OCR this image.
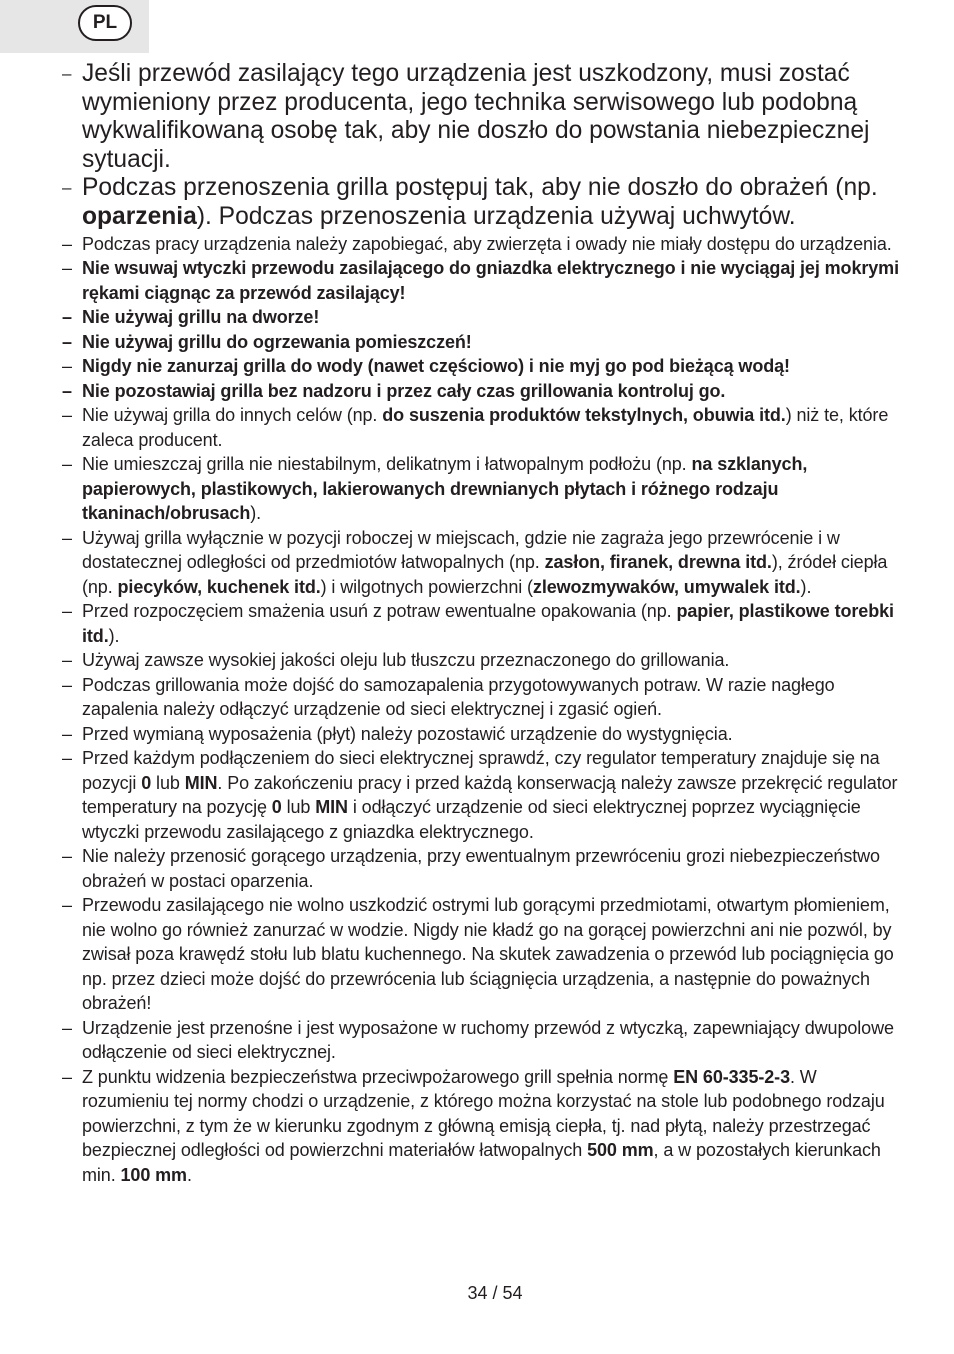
PL
– Jeśli przewód zasilający tego urządzenia jest uszkodzony, musi zostać wymieniony przez producenta, jego technika serwisowego lub podobną wykwalifikowaną osobę tak, aby nie doszło do powstania niebezpiecznej sytuacji.
– Podczas przenoszenia grilla postępuj tak, aby nie doszło do obrażeń (np. oparzenia). Podczas przenoszenia urządzenia używaj uchwytów.
– Podczas pracy urządzenia należy zapobiegać, aby zwierzęta i owady nie miały dostępu do urządzenia.
– Nie wsuwaj wtyczki przewodu zasilającego do gniazdka elektrycznego i nie wyciągaj jej mokrymi rękami ciągnąc za przewód zasilający!
– Nie używaj grillu na dworze!
– Nie używaj grillu do ogrzewania pomieszczeń!
– Nigdy nie zanurzaj grilla do wody (nawet częściowo) i nie myj go pod bieżącą wodą!
– Nie pozostawiaj grilla bez nadzoru i przez cały czas grillowania kontroluj go.
– Nie używaj grilla do innych celów (np. do suszenia produktów tekstylnych, obuwia itd.) niż te, które zaleca producent.
– Nie umieszczaj grilla nie niestabilnym, delikatnym i łatwopalnym podłożu (np. na szklanych, papierowych, plastikowych, lakierowanych drewnianych płytach i różnego rodzaju tkaninach/obrusach).
– Używaj grilla wyłącznie w pozycji roboczej w miejscach, gdzie nie zagraża jego przewrócenie i w dostatecznej odległości od przedmiotów łatwopalnych (np. zasłon, firanek, drewna itd.), źródeł ciepła (np. piecyków, kuchenek itd.) i wilgotnych powierzchni (zlewozmywaków, umywalek itd.).
– Przed rozpoczęciem smażenia usuń z potraw ewentualne opakowania (np. papier, plastikowe torebki itd.).
– Używaj zawsze wysokiej jakości oleju lub tłuszczu przeznaczonego do grillowania.
– Podczas grillowania może dojść do samozapalenia przygotowywanych potraw. W razie nagłego zapalenia należy odłączyć urządzenie od sieci elektrycznej i zgasić ogień.
– Przed wymianą wyposażenia (płyt) należy pozostawić urządzenie do wystygnięcia.
– Przed każdym podłączeniem do sieci elektrycznej sprawdź, czy regulator temperatury znajduje się na pozycji 0 lub MIN. Po zakończeniu pracy i przed każdą konserwacją należy zawsze przekręcić regulator temperatury na pozycję 0 lub MIN i odłączyć urządzenie od sieci elektrycznej poprzez wyciągnięcie wtyczki przewodu zasilającego z gniazdka elektrycznego.
– Nie należy przenosić gorącego urządzenia, przy ewentualnym przewróceniu grozi niebezpieczeństwo obrażeń w postaci oparzenia.
– Przewodu zasilającego nie wolno uszkodzić ostrymi lub gorącymi przedmiotami, otwartym płomieniem, nie wolno go również zanurzać w wodzie. Nigdy nie kładź go na gorącej powierzchni ani nie pozwól, by zwisał poza krawędź stołu lub blatu kuchennego. Na skutek zawadzenia o przewód lub pociągnięcia go np. przez dzieci może dojść do przewrócenia lub ściągnięcia urządzenia, a następnie do poważnych obrażeń!
– Urządzenie jest przenośne i jest wyposażone w ruchomy przewód z wtyczką, zapewniający dwupolowe odłączenie od sieci elektrycznej.
– Z punktu widzenia bezpieczeństwa przeciwpożarowego grill spełnia normę EN 60-335-2-3. W rozumieniu tej normy chodzi o urządzenie, z którego można korzystać na stole lub podobnego rodzaju powierzchni, z tym że w kierunku zgodnym z główną emisją ciepła, tj. nad płytą, należy przestrzegać bezpiecznej odległości od powierzchni materiałów łatwopalnych 500 mm, a w pozostałych kierunkach min. 100 mm.
34 / 54
